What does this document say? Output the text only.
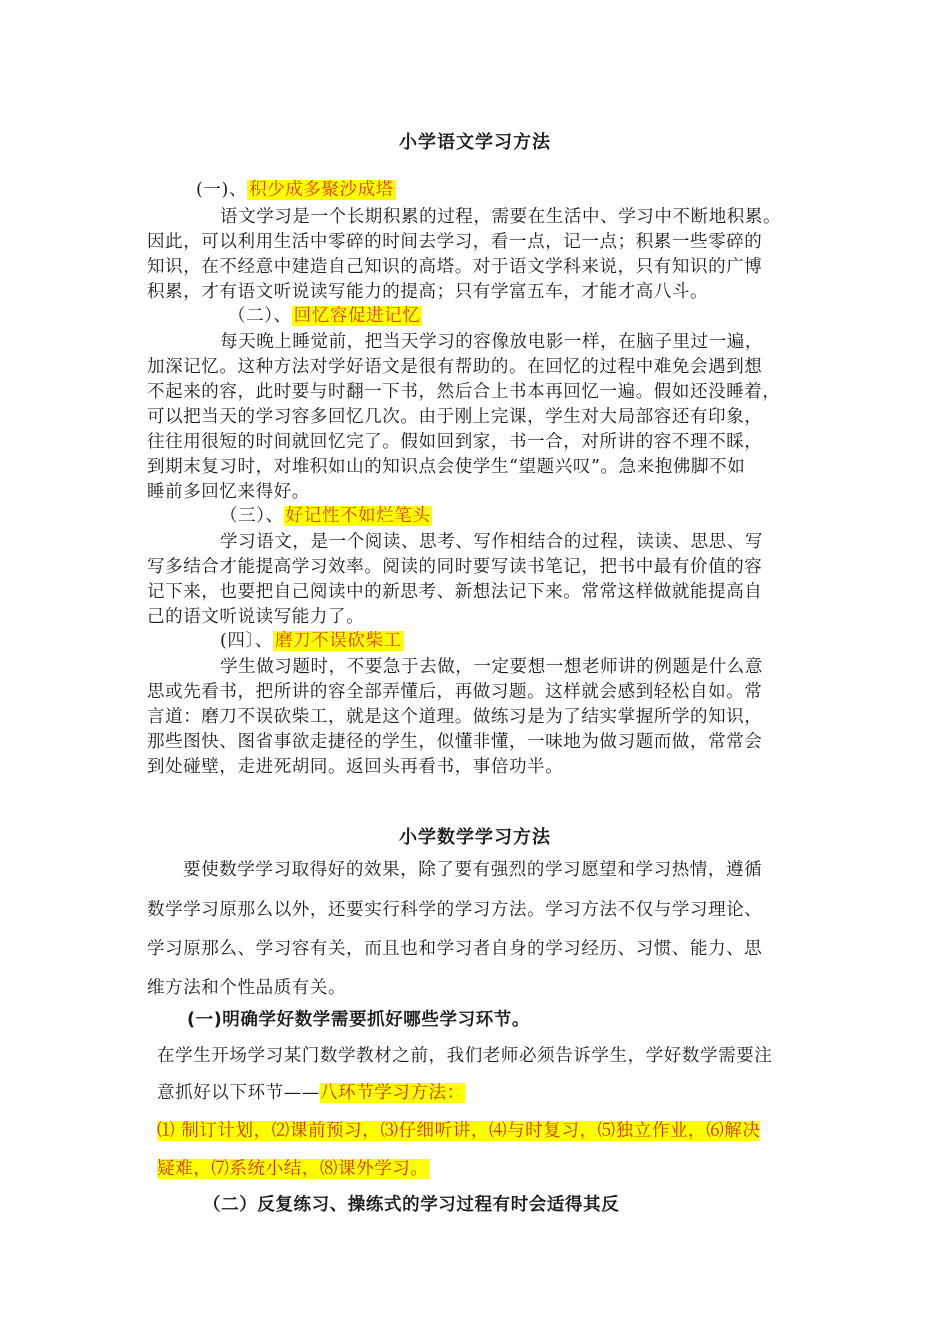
小学语文学习方法
(一)、 积少成多聚沙成塔
语文学习是一个长期积累的过程，需要在生活中、学习中不断地积累。
因此，可以利用生活中零碎的时间去学习，看一点，记一点；积累一些零碎的
知识，在不经意中建造自己知识的高塔。对于语文学科来说，只有知识的广博
积累，才有语文听说读写能力的提高；只有学富五车，才能才高八斗。
（二）、 回忆容促进记忆
每天晚上睡觉前，把当天学习的容像放电影一样，在脑子里过一遍，
加深记忆。这种方法对学好语文是很有帮助的。在回忆的过程中难免会遇到想
不起来的容，此时要与时翻一下书，然后合上书本再回忆一遍。假如还没睡着，
可以把当天的学习容多回忆几次。由于刚上完课，学生对大局部容还有印象，
往往用很短的时间就回忆完了。假如回到家，书一合，对所讲的容不理不睬，
到期末复习时，对堆积如山的知识点会使学生“望题兴叹”。急来抱佛脚不如
睡前多回忆来得好。
（三）、 好记性不如烂笔头
学习语文，是一个阅读、思考、写作相结合的过程，读读、思思、写
写多结合才能提高学习效率。阅读的同时要写读书笔记，把书中最有价值的容
记下来，也要把自己阅读中的新思考、新想法记下来。常常这样做就能提高自
己的语文听说读写能力了。
(四〕、 磨刀不误砍柴工
学生做习题时，不要急于去做，一定要想一想老师讲的例题是什么意
思或先看书，把所讲的容全部弄懂后，再做习题。这样就会感到轻松自如。常
言道：磨刀不误砍柴工，就是这个道理。做练习是为了结实掌握所学的知识，
那些图快、图省事欲走捷径的学生，似懂非懂，一味地为做习题而做，常常会
到处碰壁，走进死胡同。返回头再看书，事倍功半。
小学数学学习方法
要使数学学习取得好的效果，除了要有强烈的学习愿望和学习热情，遵循
数学学习原那么以外，还要实行科学的学习方法。学习方法不仅与学习理论、
学习原那么、学习容有关，而且也和学习者自身的学习经历、习惯、能力、思
维方法和个性品质有关。
(一)明确学好数学需要抓好哪些学习环节。
在学生开场学习某门数学教材之前，我们老师必须告诉学生，学好数学需要注
意抓好以下环节——八环节学习方法：
⑴ 制订计划，⑵课前预习，⑶仔细听讲，⑷与时复习，⑸独立作业，⑹解决
疑难，⑺系统小结，⑻课外学习。
（二）反复练习、操练式的学习过程有时会适得其反
